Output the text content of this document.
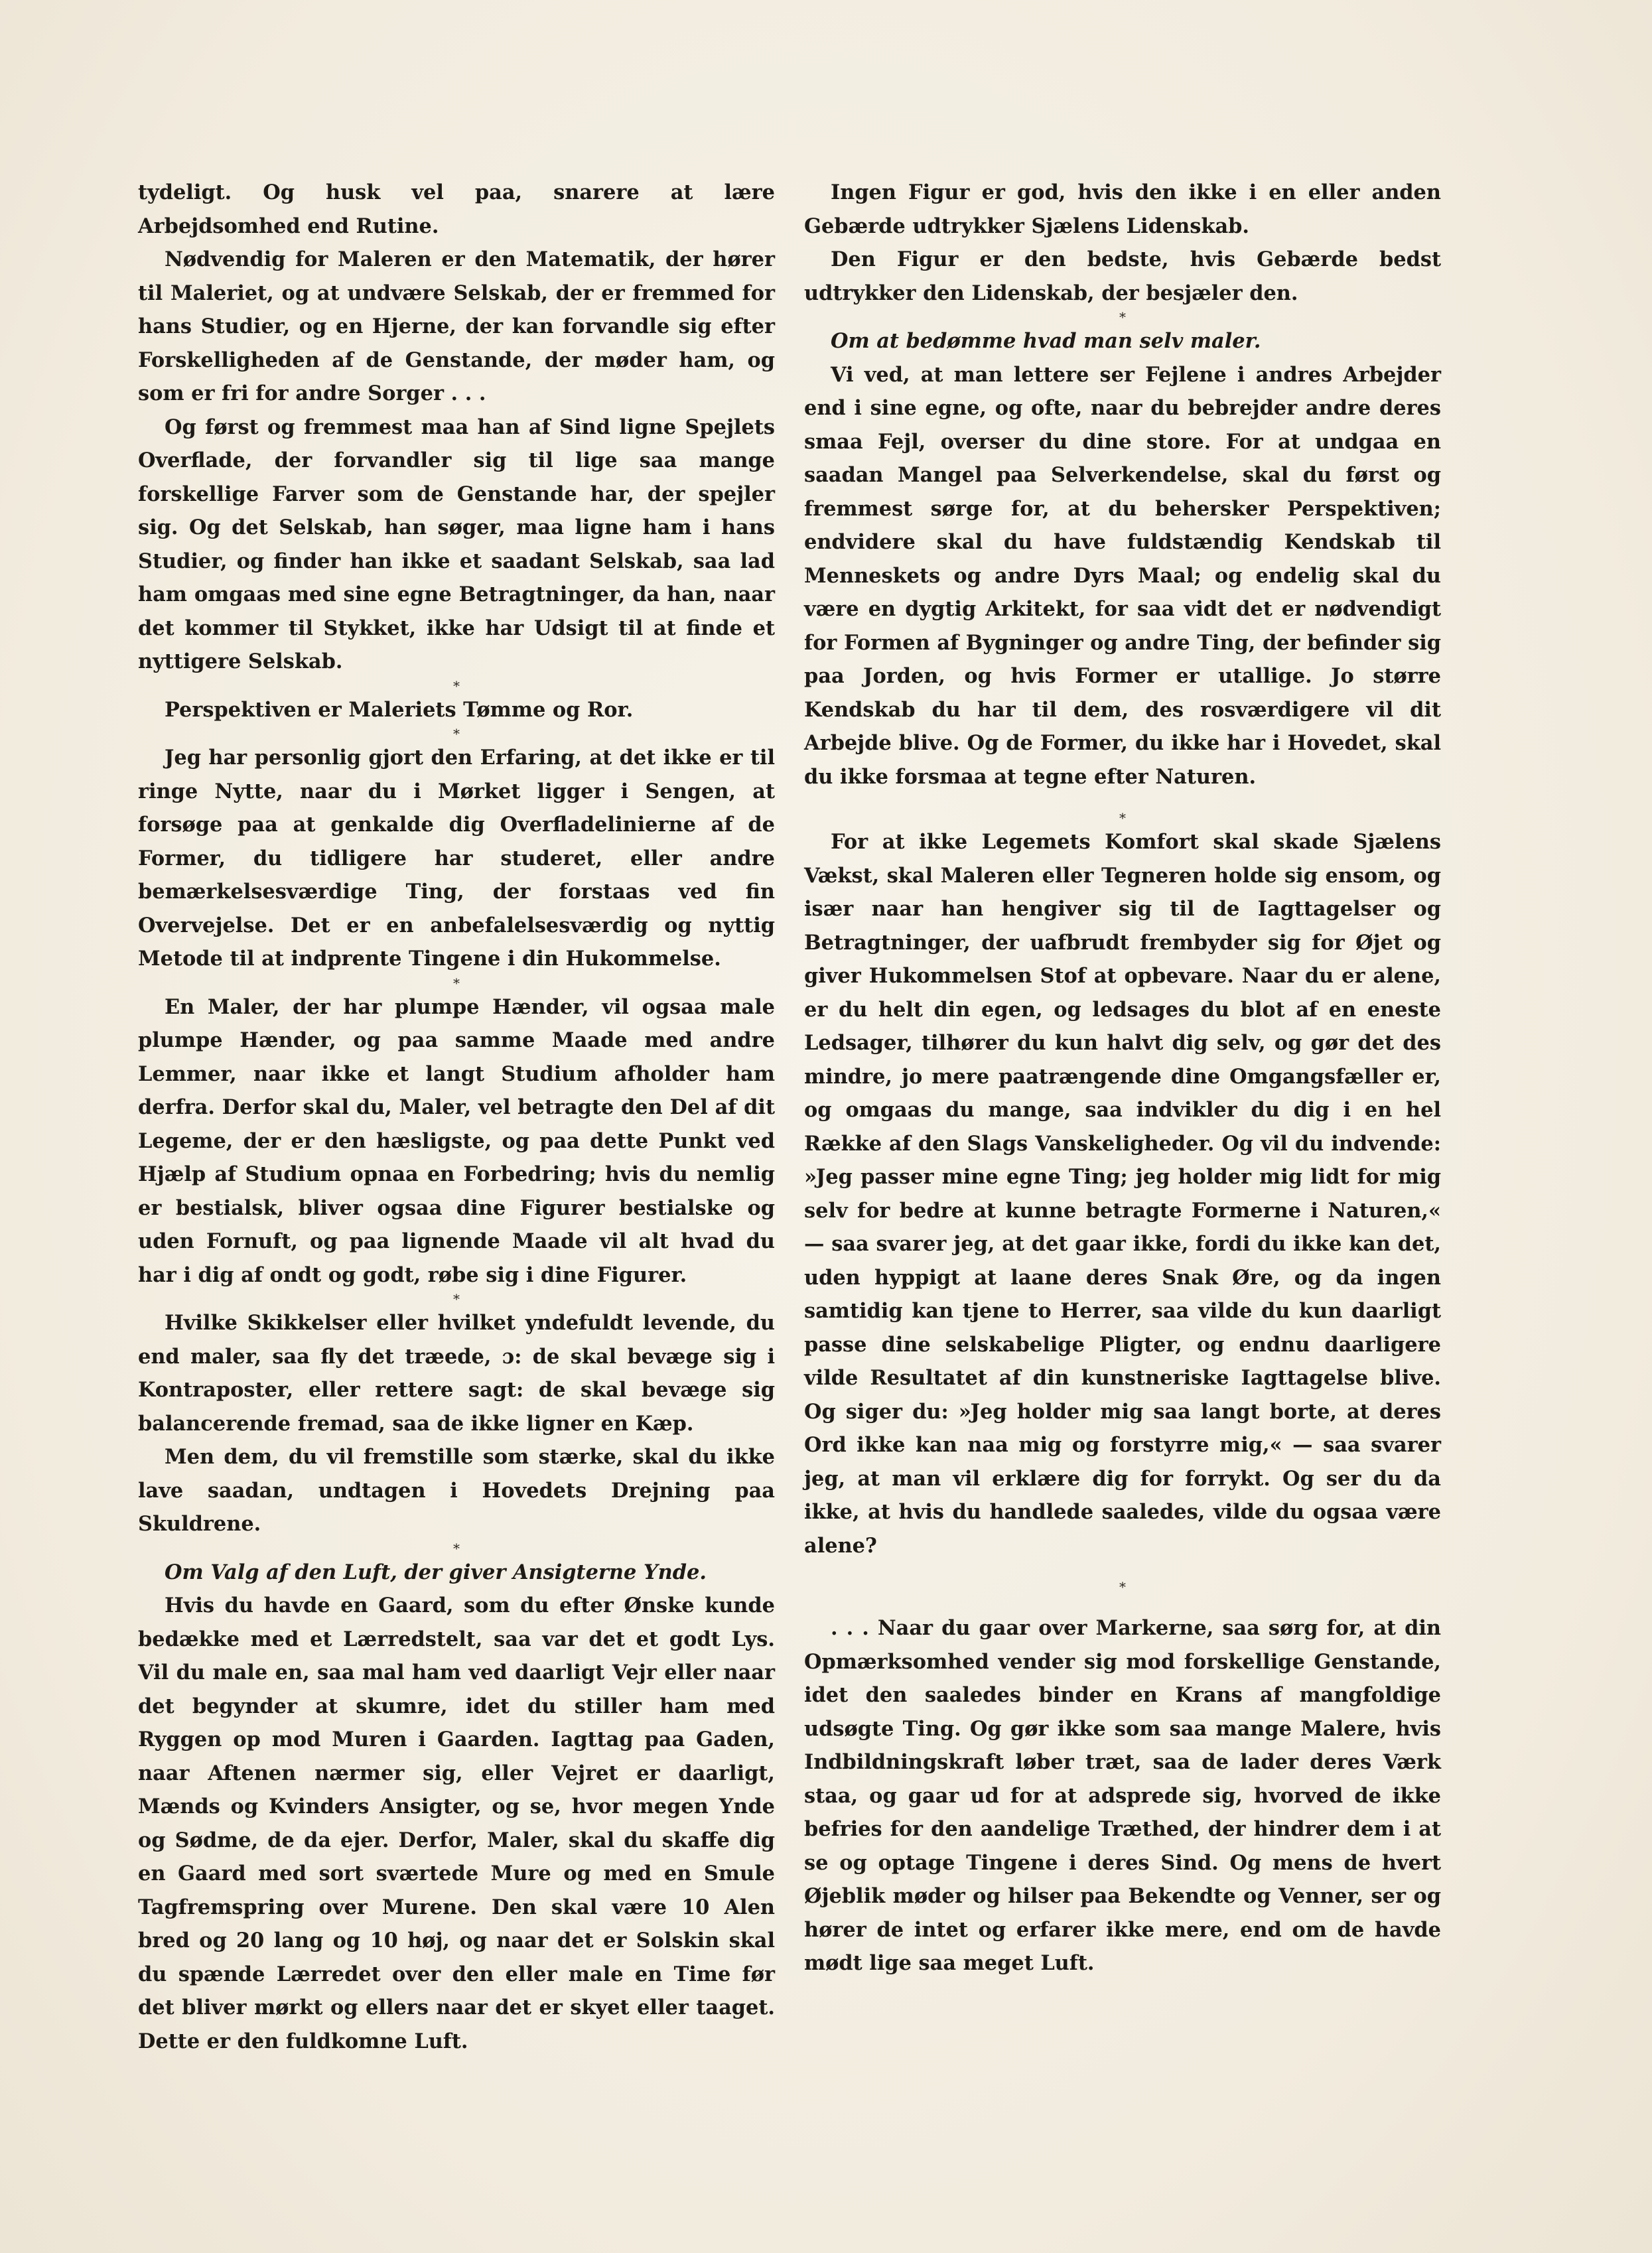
tydeligt. Og husk vel paa, snarere at lære Arbejdsomhed end Rutine.

Nødvendig for Maleren er den Matematik, der hører til Maleriet, og at undvære Selskab, der er fremmed for hans Studier, og en Hjerne, der kan forvandle sig efter Forskelligheden af de Genstande, der møder ham, og som er fri for andre Sorger . . .

Og først og fremmest maa han af Sind ligne Spejlets Overflade, der forvandler sig til lige saa mange forskellige Farver som de Genstande har, der spejler sig. Og det Selskab, han søger, maa ligne ham i hans Studier, og finder han ikke et saadant Selskab, saa lad ham omgaas med sine egne Betragtninger, da han, naar det kommer til Stykket, ikke har Udsigt til at finde et nyttigere Selskab.

*

Perspektiven er Maleriets Tømme og Ror.

*

Jeg har personlig gjort den Erfaring, at det ikke er til ringe Nytte, naar du i Mørket ligger i Sengen, at forsøge paa at genkalde dig Overfladelinierne af de Former, du tidligere har studeret, eller andre bemærkelsesværdige Ting, der forstaas ved fin Overvejelse. Det er en anbefalelsesværdig og nyttig Metode til at indprente Tingene i din Hukommelse.

*

En Maler, der har plumpe Hænder, vil ogsaa male plumpe Hænder, og paa samme Maade med andre Lemmer, naar ikke et langt Studium afholder ham derfra. Derfor skal du, Maler, vel betragte den Del af dit Legeme, der er den hæsligste, og paa dette Punkt ved Hjælp af Studium opnaa en Forbedring; hvis du nemlig er bestialsk, bliver ogsaa dine Figurer bestialske og uden Fornuft, og paa lignende Maade vil alt hvad du har i dig af ondt og godt, røbe sig i dine Figurer.

*

Hvilke Skikkelser eller hvilket yndefuldt levende, du end maler, saa fly det træede, ɔ: de skal bevæge sig i Kontraposter, eller rettere sagt: de skal bevæge sig balancerende fremad, saa de ikke ligner en Kæp.

Men dem, du vil fremstille som stærke, skal du ikke lave saadan, undtagen i Hovedets Drejning paa Skuldrene.

*

Om Valg af den Luft, der giver Ansigterne Ynde.

Hvis du havde en Gaard, som du efter Ønske kunde bedække med et Lærredstelt, saa var det et godt Lys. Vil du male en, saa mal ham ved daarligt Vejr eller naar det begynder at skumre, idet du stiller ham med Ryggen op mod Muren i Gaarden. Iagttag paa Gaden, naar Aftenen nærmer sig, eller Vejret er daarligt, Mænds og Kvinders Ansigter, og se, hvor megen Ynde og Sødme, de da ejer. Derfor, Maler, skal du skaffe dig en Gaard med sort sværtede Mure og med en Smule Tagfremspring over Murene. Den skal være 10 Alen bred og 20 lang og 10 høj, og naar det er Solskin skal du spænde Lærredet over den eller male en Time før det bliver mørkt og ellers naar det er skyet eller taaget. Dette er den fuldkomne Luft.

Ingen Figur er god, hvis den ikke i en eller anden Gebærde udtrykker Sjælens Lidenskab.

Den Figur er den bedste, hvis Gebærde bedst udtrykker den Lidenskab, der besjæler den.

*

Om at bedømme hvad man selv maler.

Vi ved, at man lettere ser Fejlene i andres Arbejder end i sine egne, og ofte, naar du bebrejder andre deres smaa Fejl, overser du dine store. For at undgaa en saadan Mangel paa Selverkendelse, skal du først og fremmest sørge for, at du behersker Perspektiven; endvidere skal du have fuldstændig Kendskab til Menneskets og andre Dyrs Maal; og endelig skal du være en dygtig Arkitekt, for saa vidt det er nødvendigt for Formen af Bygninger og andre Ting, der befinder sig paa Jorden, og hvis Former er utallige. Jo større Kendskab du har til dem, des rosværdigere vil dit Arbejde blive. Og de Former, du ikke har i Hovedet, skal du ikke forsmaa at tegne efter Naturen.

*

For at ikke Legemets Komfort skal skade Sjælens Vækst, skal Maleren eller Tegneren holde sig ensom, og især naar han hengiver sig til de Iagttagelser og Betragtninger, der uafbrudt frembyder sig for Øjet og giver Hukommelsen Stof at opbevare. Naar du er alene, er du helt din egen, og ledsages du blot af en eneste Ledsager, tilhører du kun halvt dig selv, og gør det des mindre, jo mere paatrængende dine Omgangsfæller er, og omgaas du mange, saa indvikler du dig i en hel Række af den Slags Vanskeligheder. Og vil du indvende: »Jeg passer mine egne Ting; jeg holder mig lidt for mig selv for bedre at kunne betragte Formerne i Naturen,« — saa svarer jeg, at det gaar ikke, fordi du ikke kan det, uden hyppigt at laane deres Snak Øre, og da ingen samtidig kan tjene to Herrer, saa vilde du kun daarligt passe dine selskabelige Pligter, og endnu daarligere vilde Resultatet af din kunstneriske Iagttagelse blive. Og siger du: »Jeg holder mig saa langt borte, at deres Ord ikke kan naa mig og forstyrre mig,« — saa svarer jeg, at man vil erklære dig for forrykt. Og ser du da ikke, at hvis du handlede saaledes, vilde du ogsaa være alene?

*

. . . Naar du gaar over Markerne, saa sørg for, at din Opmærksomhed vender sig mod forskellige Genstande, idet den saaledes binder en Krans af mangfoldige udsøgte Ting. Og gør ikke som saa mange Malere, hvis Indbildningskraft løber træt, saa de lader deres Værk staa, og gaar ud for at adsprede sig, hvorved de ikke befries for den aandelige Træthed, der hindrer dem i at se og optage Tingene i deres Sind. Og mens de hvert Øjeblik møder og hilser paa Bekendte og Venner, ser og hører de intet og erfarer ikke mere, end om de havde mødt lige saa meget Luft.
